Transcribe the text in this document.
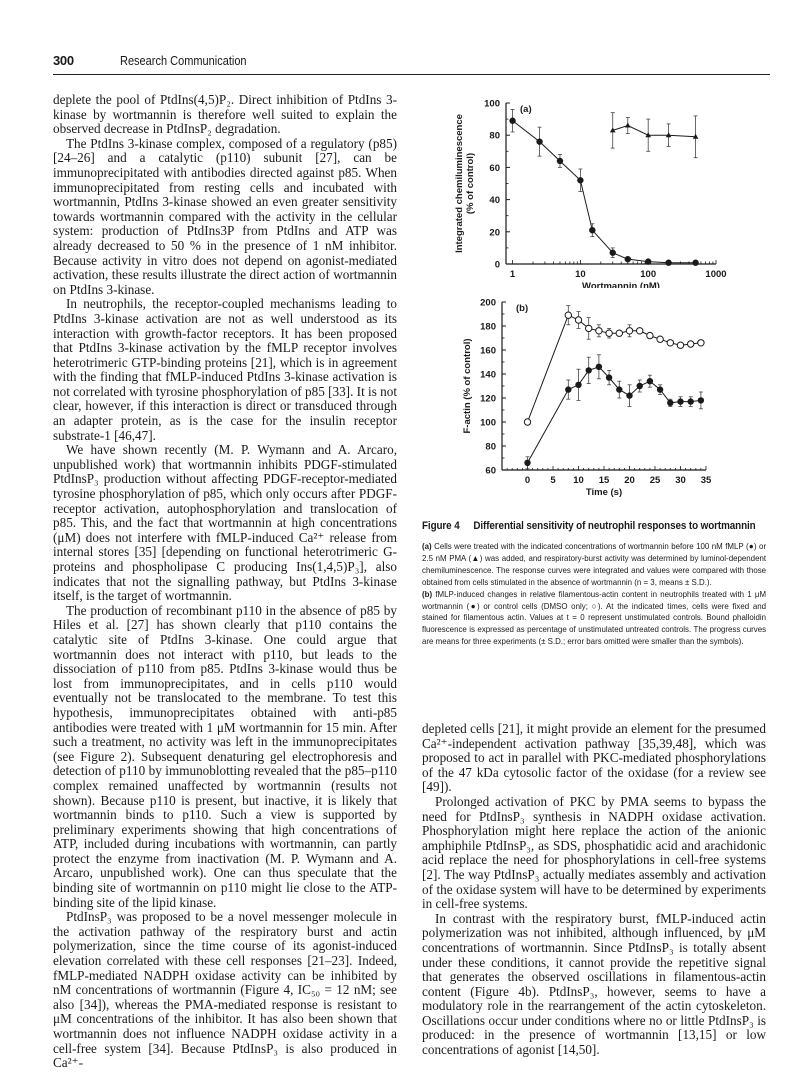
300	Research Communication

deplete the pool of PtdIns(4,5)P₂. Direct inhibition of PtdIns 3-kinase by wortmannin is therefore well suited to explain the observed decrease in PtdInsP₂ degradation.

The PtdIns 3-kinase complex, composed of a regulatory (p85) [24–26] and a catalytic (p110) subunit [27], can be immunoprecipitated with antibodies directed against p85. When immunoprecipitated from resting cells and incubated with wortmannin, PtdIns 3-kinase showed an even greater sensitivity towards wortmannin compared with the activity in the cellular system: production of PtdIns3P from PtdIns and ATP was already decreased to 50 % in the presence of 1 nM inhibitor. Because activity in vitro does not depend on agonist-mediated activation, these results illustrate the direct action of wortmannin on PtdIns 3-kinase.

In neutrophils, the receptor-coupled mechanisms leading to PtdIns 3-kinase activation are not as well understood as its interaction with growth-factor receptors. It has been proposed that PtdIns 3-kinase activation by the fMLP receptor involves heterotrimeric GTP-binding proteins [21], which is in agreement with the finding that fMLP-induced PtdIns 3-kinase activation is not correlated with tyrosine phosphorylation of p85 [33]. It is not clear, however, if this interaction is direct or transduced through an adapter protein, as is the case for the insulin receptor substrate-1 [46,47].

We have shown recently (M. P. Wymann and A. Arcaro, unpublished work) that wortmannin inhibits PDGF-stimulated PtdInsP₃ production without affecting PDGF-receptor-mediated tyrosine phosphorylation of p85, which only occurs after PDGF-receptor activation, autophosphorylation and translocation of p85. This, and the fact that wortmannin at high concentrations (μM) does not interfere with fMLP-induced Ca²⁺ release from internal stores [35] [depending on functional heterotrimeric G-proteins and phospholipase C producing Ins(1,4,5)P₃], also indicates that not the signalling pathway, but PtdIns 3-kinase itself, is the target of wortmannin.

The production of recombinant p110 in the absence of p85 by Hiles et al. [27] has shown clearly that p110 contains the catalytic site of PtdIns 3-kinase. One could argue that wortmannin does not interact with p110, but leads to the dissociation of p110 from p85. PtdIns 3-kinase would thus be lost from immunoprecipitates, and in cells p110 would eventually not be translocated to the membrane. To test this hypothesis, immunoprecipitates obtained with anti-p85 antibodies were treated with 1 μM wortmannin for 15 min. After such a treatment, no activity was left in the immunoprecipitates (see Figure 2). Subsequent denaturing gel electrophoresis and detection of p110 by immunoblotting revealed that the p85–p110 complex remained unaffected by wortmannin (results not shown). Because p110 is present, but inactive, it is likely that wortmannin binds to p110. Such a view is supported by preliminary experiments showing that high concentrations of ATP, included during incubations with wortmannin, can partly protect the enzyme from inactivation (M. P. Wymann and A. Arcaro, unpublished work). One can thus speculate that the binding site of wortmannin on p110 might lie close to the ATP-binding site of the lipid kinase.

PtdInsP₃ was proposed to be a novel messenger molecule in the activation pathway of the respiratory burst and actin polymerization, since the time course of its agonist-induced elevation correlated with these cell responses [21–23]. Indeed, fMLP-mediated NADPH oxidase activity can be inhibited by nM concentrations of wortmannin (Figure 4, IC₅₀ = 12 nM; see also [34]), whereas the PMA-mediated response is resistant to μM concentrations of the inhibitor. It has also been shown that wortmannin does not influence NADPH oxidase activity in a cell-free system [34]. Because PtdInsP₃ is also produced in Ca²⁺-

0
20
40
60
80
100
1	10	100	1000
Wortmannin (nM)
Integrated chemiluminescence (% of control)
(a)
60
80
100
120
140
160
180
200
0 5 10 15 20 25 30 35
Time (s)
F-actin (% of control)
(b)
Figure 4 Differential sensitivity of neutrophil responses to wortmannin
(a) Cells were treated with the indicated concentrations of wortmannin before 100 nM fMLP (●) or 2.5 nM PMA (▲) was added, and respiratory-burst activity was determined by luminol-dependent chemiluminescence. The response curves were integrated and values were compared with those obtained from cells stimulated in the absence of wortmannin (n = 3, means ± S.D.).
(b) fMLP-induced changes in relative filamentous-actin content in neutrophils treated with 1 μM wortmannin (●) or control cells (DMSO only; ○). At the indicated times, cells were fixed and stained for filamentous actin. Values at t = 0 represent unstimulated controls. Bound phalloidin fluorescence is expressed as percentage of unstimulated untreated controls. The progress curves are means for three experiments (± S.D.; error bars omitted were smaller than the symbols).

depleted cells [21], it might provide an element for the presumed Ca²⁺-independent activation pathway [35,39,48], which was proposed to act in parallel with PKC-mediated phosphorylations of the 47 kDa cytosolic factor of the oxidase (for a review see [49]).

Prolonged activation of PKC by PMA seems to bypass the need for PtdInsP₃ synthesis in NADPH oxidase activation. Phosphorylation might here replace the action of the anionic amphiphile PtdInsP₃, as SDS, phosphatidic acid and arachidonic acid replace the need for phosphorylations in cell-free systems [2]. The way PtdInsP₃ actually mediates assembly and activation of the oxidase system will have to be determined by experiments in cell-free systems.

In contrast with the respiratory burst, fMLP-induced actin polymerization was not inhibited, although influenced, by μM concentrations of wortmannin. Since PtdInsP₃ is totally absent under these conditions, it cannot provide the repetitive signal that generates the observed oscillations in filamentous-actin content (Figure 4b). PtdInsP₃, however, seems to have a modulatory role in the rearrangement of the actin cytoskeleton. Oscillations occur under conditions where no or little PtdInsP₃ is produced: in the presence of wortmannin [13,15] or low concentrations of agonist [14,50].
